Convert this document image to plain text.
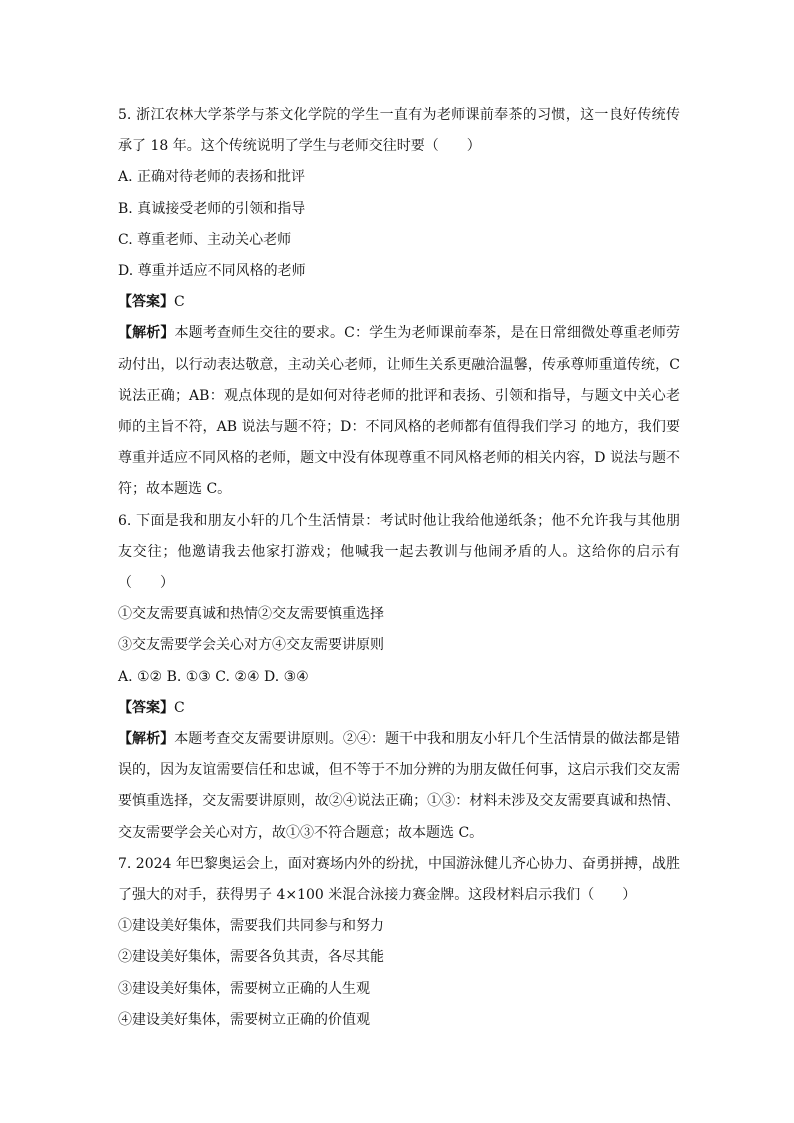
5. 浙江农林大学茶学与茶文化学院的学生一直有为老师课前奉茶的习惯，这一良好传统传
承了 18 年。这个传统说明了学生与老师交往时要（　　）
A. 正确对待老师的表扬和批评
B. 真诚接受老师的引领和指导
C. 尊重老师、主动关心老师
D. 尊重并适应不同风格的老师
【答案】C
【解析】本题考查师生交往的要求。C：学生为老师课前奉茶，是在日常细微处尊重老师劳
动付出，以行动表达敬意，主动关心老师，让师生关系更融洽温馨，传承尊师重道传统，C
说法正确；AB：观点体现的是如何对待老师的批评和表扬、引领和指导，与题文中关心老
师的主旨不符，AB 说法与题不符；D：不同风格的老师都有值得我们学习 的地方，我们要
尊重并适应不同风格的老师，题文中没有体现尊重不同风格老师的相关内容，D 说法与题不
符；故本题选 C。
6. 下面是我和朋友小轩的几个生活情景：考试时他让我给他递纸条；他不允许我与其他朋
友交往；他邀请我去他家打游戏；他喊我一起去教训与他闹矛盾的人。这给你的启示有
（　　）
①交友需要真诚和热情②交友需要慎重选择
③交友需要学会关心对方④交友需要讲原则
A. ①② B. ①③ C. ②④ D. ③④
【答案】C
【解析】本题考查交友需要讲原则。②④：题干中我和朋友小轩几个生活情景的做法都是错
误的，因为友谊需要信任和忠诚，但不等于不加分辨的为朋友做任何事，这启示我们交友需
要慎重选择，交友需要讲原则，故②④说法正确；①③：材料未涉及交友需要真诚和热情、
交友需要学会关心对方，故①③不符合题意；故本题选 C。
7. 2024 年巴黎奥运会上，面对赛场内外的纷扰，中国游泳健儿齐心协力、奋勇拼搏，战胜
了强大的对手，获得男子 4×100 米混合泳接力赛金牌。这段材料启示我们（　　）
①建设美好集体，需要我们共同参与和努力
②建设美好集体，需要各负其责，各尽其能
③建设美好集体，需要树立正确的人生观
④建设美好集体，需要树立正确的价值观
